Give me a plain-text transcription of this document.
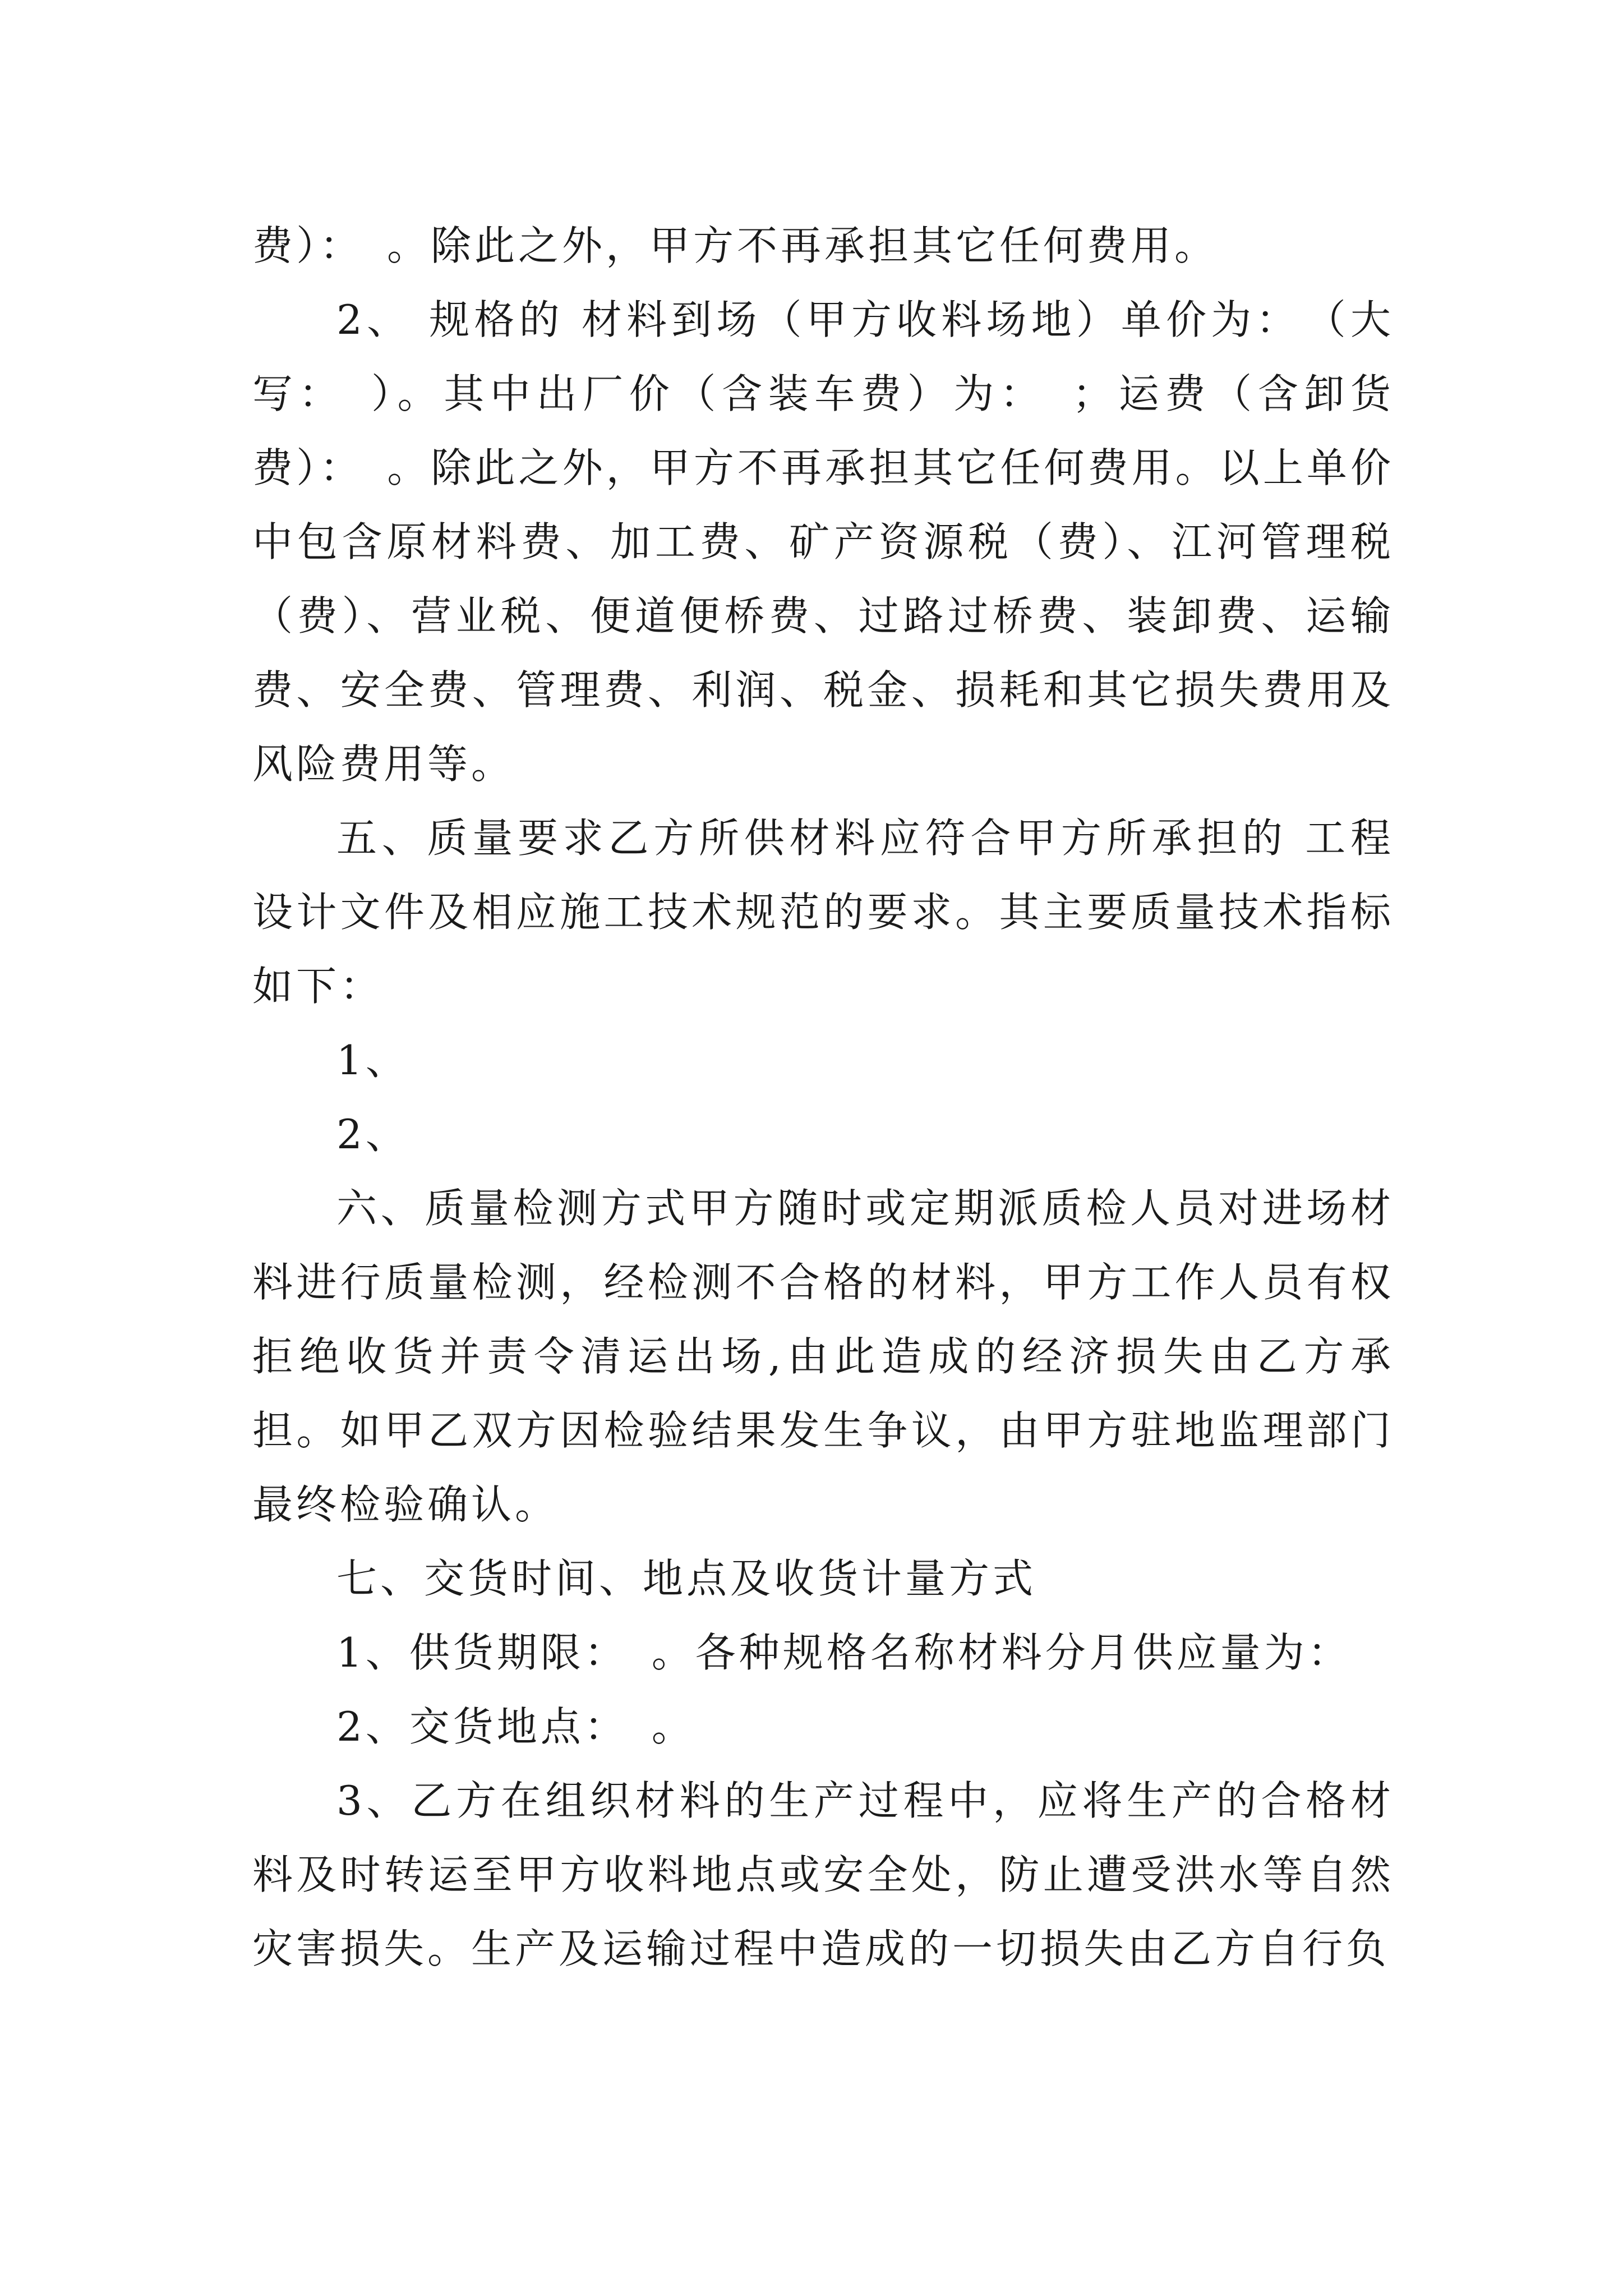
费）：　。除此之外，甲方不再承担其它任何费用。

2、 规格的 材料到场（甲方收料场地）单价为：　（大写：　）。其中出厂价（含装车费）为：　；运费（含卸货费）：　。除此之外，甲方不再承担其它任何费用。以上单价中包含原材料费、加工费、矿产资源税（费）、江河管理税（费）、营业税、便道便桥费、过路过桥费、装卸费、运输费、安全费、管理费、利润、税金、损耗和其它损失费用及风险费用等。

五、质量要求乙方所供材料应符合甲方所承担的 工程设计文件及相应施工技术规范的要求。其主要质量技术指标如下：

1、

2、

六、质量检测方式甲方随时或定期派质检人员对进场材料进行质量检测，经检测不合格的材料，甲方工作人员有权拒绝收货并责令清运出场,由此造成的经济损失由乙方承担。如甲乙双方因检验结果发生争议，由甲方驻地监理部门最终检验确认。

七、交货时间、地点及收货计量方式

1、供货期限：　。各种规格名称材料分月供应量为：

2、交货地点：　。

3、乙方在组织材料的生产过程中，应将生产的合格材料及时转运至甲方收料地点或安全处，防止遭受洪水等自然灾害损失。生产及运输过程中造成的一切损失由乙方自行负
